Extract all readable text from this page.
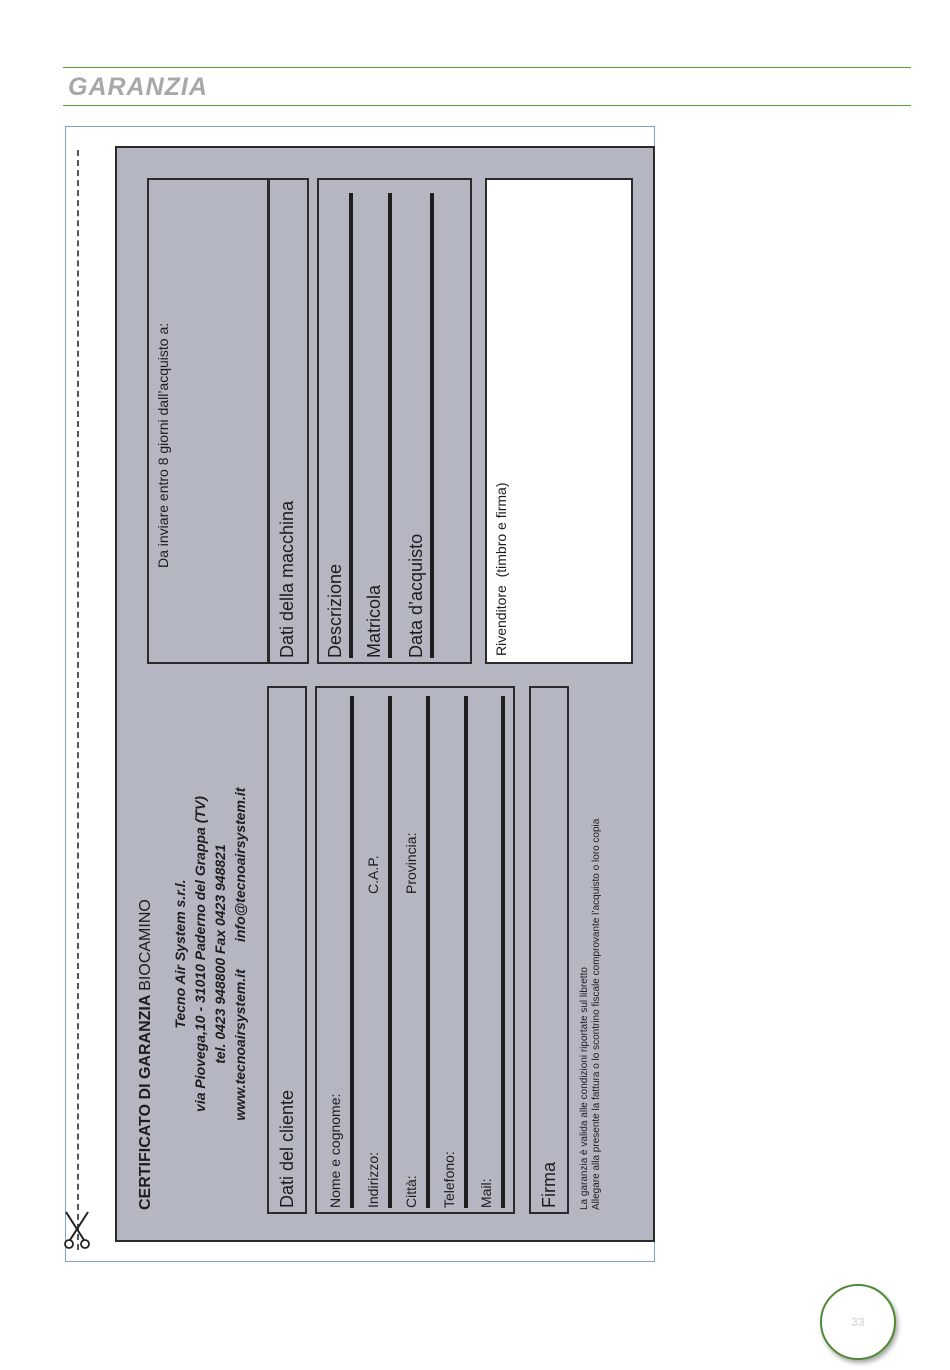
GARANZIA
CERTIFICATO DI GARANZIA BIOCAMINO Tecno Air System s.r.l. via Piovega,10 - 31010 Paderno del Grappa (TV) tel. 0423 948800 Fax 0423 948821 www.tecnoairsystem.it       info@tecnoairsystem.it
Dati del cliente Nome e cognome: Indirizzo:
C.A.P.
Città:
Provincia:
Telefono: Mail:	Firma La garanzia è valida alle condizioni riportate sul libretto Allegare alla presente la fattura o lo scontrino fiscale comprovante l’acquisto o loro copia
Da inviare entro 8 giorni dall’acquisto a:
Dati della macchina Descrizione Matricola Data d’acquisto	Rivenditore  (timbro e firma)
33
